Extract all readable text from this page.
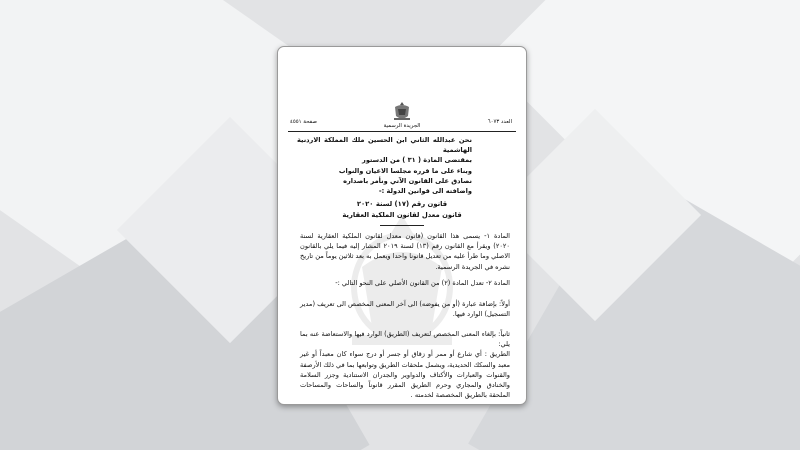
صفحة ٤٥٥١	العدد ٦٠٧٣
الجريدة الرسمية
نحن عبدالله الثاني ابن الحسين ملك المملكة الاردنية الهاشمية
بمقتضى المادة ( ٣١ ) من الدستور
وبناء على ما قرره مجلسا الاعيان والنواب
نصادق على القانون الآتي ونأمر باصداره
واضافته الى قوانين الدولة :-
قانون رقم (١٧) لسنة ٢٠٢٠
قانون معدل لقانون الملكية العقارية
المادة ١- يسمى هذا القانون (قانون معدل لقانون الملكية العقارية لسنة ٢٠٢٠) ويقرأ مع القانون رقم (١٣) لسنة ٢٠١٩ المشار إليه فيما يلي بالقانون الاصلي وما طرأ عليه من تعديل قانونا واحدا ويعمل به بعد ثلاثين يوماً من تاريخ نشره في الجريدة الرسمية.
المادة ٢- تعدل المادة (٢) من القانون الأصلي على النحو التالي :-
أولاً: بإضافة عبارة (أو من يفوضه) الى آخر المعنى المخصص الى تعريف (مدير التسجيل) الوارد فيها.
ثانياً: بإلغاء المعنى المخصص لتعريف (الطريق) الوارد فيها والاستعاضة عنه بما يلي:
الطريق : أي شارع أو ممر أو زقاق أو جسر أو درج سواء كان معبداً أو غير معبد والسكك الحديدية، ويشمل ملحقات الطريق وتوابعها بما في ذلك الأرصفة والقنوات والعبارات والأكتاف والدواوير والجدران الاستنادية وجزر السلامة والخنادق والمجاري وحرم الطريق المقرر قانوناً والساحات والمساحات الملحقة بالطريق المخصصة لخدمته .
